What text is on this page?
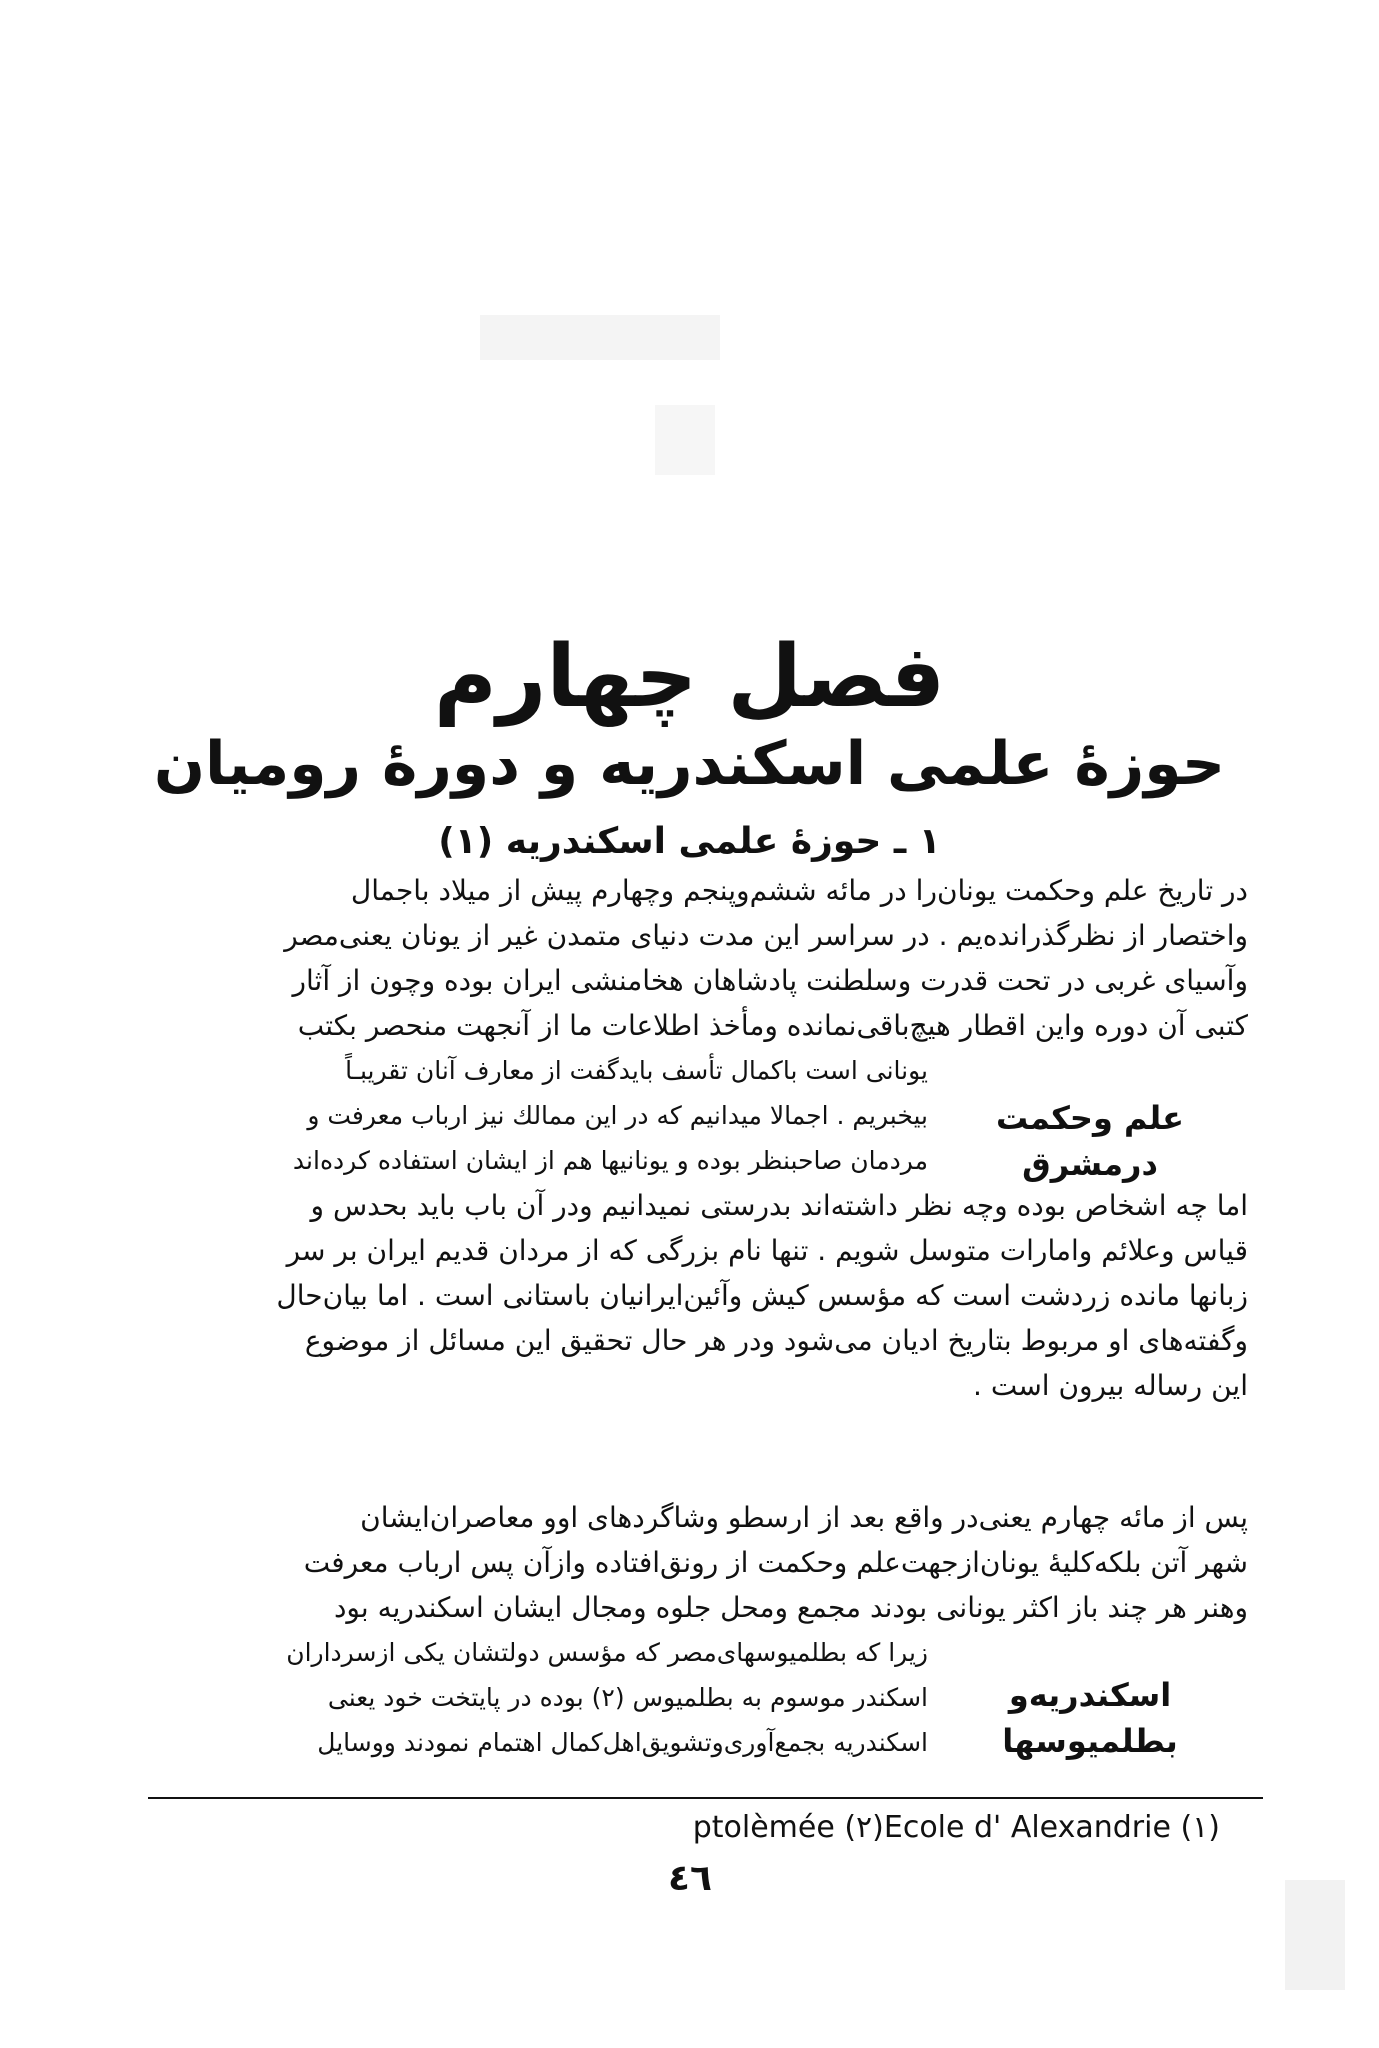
فصل چهارم
حوزهٔ علمی اسکندریه و دورهٔ رومیان
۱ ـ حوزهٔ علمی اسکندریه (۱)
در تاریخ علم وحکمت یونان‌را در مائه ششم‌وپنجم وچهارم پیش از میلاد باجمال
واختصار از نظرگذرانده‌یم . در سراسر این مدت دنیای متمدن غیر از یونان یعنی‌مصر
وآسیای غربی در تحت قدرت وسلطنت پادشاهان هخامنشی ایران بوده وچون از آثار
کتبی آن دوره واین اقطار هیچ‌باقی‌نمانده ومأخذ اطلاعات ما از آنجهت منحصر بکتب
یونانی است باکمال تأسف باید‌گفت از معارف آنان تقریبـاً
بیخبریم . اجمالا میدانیم که در این ممالك نیز ارباب معرفت و
مردمان صاحبنظر بوده و یونانیها هم از ایشان استفاده کرده‌اند
علم وحکمت
درمشرق
اما چه اشخاص بوده وچه نظر داشته‌اند بدرستی نمیدانیم ودر آن باب باید بحدس و
قیاس وعلائم وامارات متوسل شویم . تنها نام بزرگی که از مردان قدیم ایران بر سر
زبانها مانده زردشت است که مؤسس کیش وآئین‌ایرانیان باستانی است . اما بیان‌حال
وگفته‌های او مربوط بتاریخ ادیان می‌شود ودر هر حال تحقیق این مسائل از موضوع
این رساله بیرون است .
پس از مائه چهارم یعنی‌در واقع بعد از ارسطو وشاگردهای اوو معاصران‌ایشان
شهر آتن بلکه‌کلیهٔ یونان‌ازجهت‌علم وحکمت از رونق‌افتاده وازآن پس ارباب معرفت
وهنر هر چند باز اکثر یونانی بودند مجمع ومحل جلوه ومجال ایشان اسکندریه بود
زیرا که بطلمیوسهای‌مصر که مؤسس دولتشان یکی ازسرداران
اسکندر موسوم به بطلمیوس (۲) بوده در پایتخت خود یعنی
اسکندریه بجمع‌آوری‌وتشویق‌اهل‌کمال اهتمام نمودند ووسایل
اسکندریه‌و
بطلمیوسها
ptolèmée (۲)Ecole d' Alexandrie (۱)
٤٦
